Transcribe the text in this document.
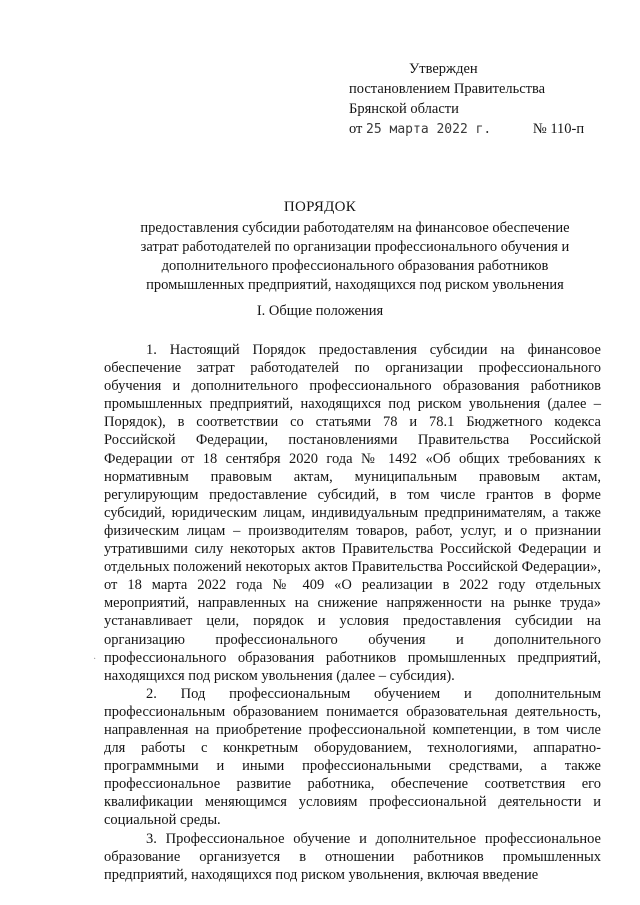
Утвержден
постановлением Правительства
Брянской области
от 25 марта 2022 г.	№ 110-п
ПОРЯДОК
предоставления субсидии работодателям на финансовое обеспечение затрат работодателей по организации профессионального обучения и дополнительного профессионального образования работников промышленных предприятий, находящихся под риском увольнения
I. Общие положения

1. Настоящий Порядок предоставления субсидии на финансовое обеспечение затрат работодателей по организации профессионального обучения и дополнительного профессионального образования работников промышленных предприятий, находящихся под риском увольнения (далее – Порядок), в соответствии со статьями 78 и 78.1 Бюджетного кодекса Российской Федерации, постановлениями Правительства Российской Федерации от 18 сентября 2020 года № 1492 «Об общих требованиях к нормативным правовым актам, муниципальным правовым актам, регулирующим предоставление субсидий, в том числе грантов в форме субсидий, юридическим лицам, индивидуальным предпринимателям, а также физическим лицам – производителям товаров, работ, услуг, и о признании утратившими силу некоторых актов Правительства Российской Федерации и отдельных положений некоторых актов Правительства Российской Федерации», от 18 марта 2022 года № 409 «О реализации в 2022 году отдельных мероприятий, направленных на снижение напряженности на рынке труда» устанавливает цели, порядок и условия предоставления субсидии на организацию профессионального обучения и дополнительного профессионального образования работников промышленных предприятий, находящихся под риском увольнения (далее – субсидия).

2. Под профессиональным обучением и дополнительным профессиональным образованием понимается образовательная деятельность, направленная на приобретение профессиональной компетенции, в том числе для работы с конкретным оборудованием, технологиями, аппаратно-программными и иными профессиональными средствами, а также профессиональное развитие работника, обеспечение соответствия его квалификации меняющимся условиям профессиональной деятельности и социальной среды.

3. Профессиональное обучение и дополнительное профессиональное образование организуется в отношении работников промышленных предприятий, находящихся под риском увольнения, включая введение

·
